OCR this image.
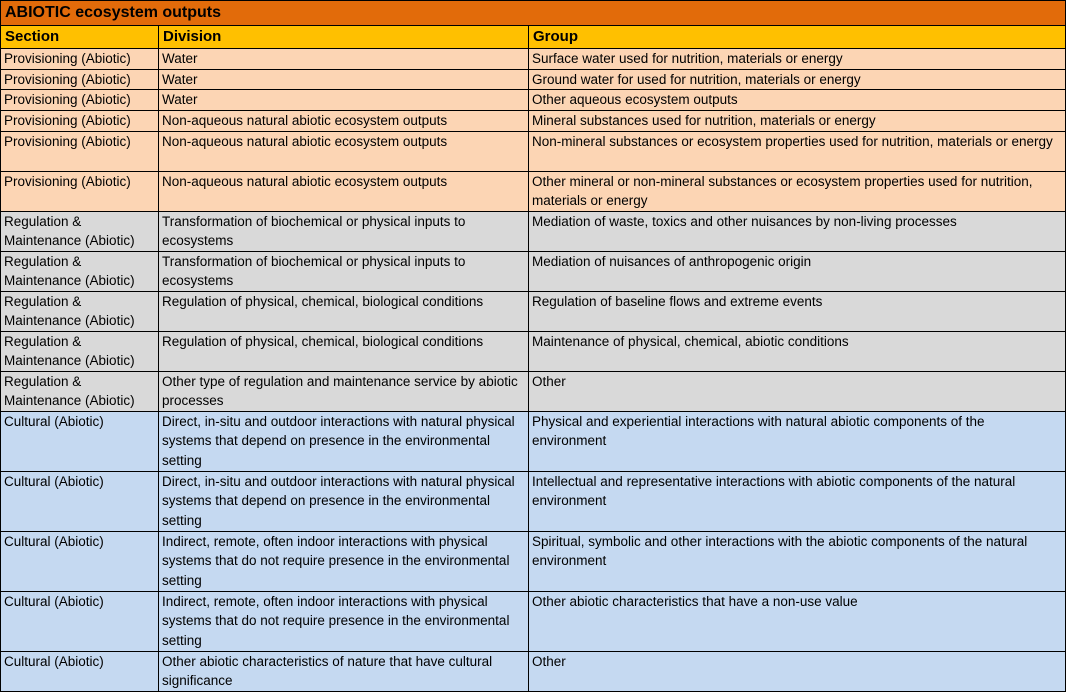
ABIOTIC ecosystem outputs		
Section	Division	Group
Provisioning (Abiotic)	Water	Surface water used for nutrition, materials or energy
Provisioning (Abiotic)	Water	Ground water for used for nutrition, materials or energy
Provisioning (Abiotic)	Water	Other aqueous ecosystem outputs
Provisioning (Abiotic)	Non-aqueous natural abiotic ecosystem outputs	Mineral substances used for nutrition, materials or energy
Provisioning (Abiotic)	Non-aqueous natural abiotic ecosystem outputs	Non-mineral substances or ecosystem properties used for nutrition, materials or energy
Provisioning (Abiotic)	Non-aqueous natural abiotic ecosystem outputs	Other mineral or non-mineral substances or ecosystem properties used for nutrition, materials or energy
Regulation & Maintenance (Abiotic)	Transformation of biochemical or physical inputs to ecosystems	Mediation of waste, toxics and other nuisances by non-living processes
Regulation & Maintenance (Abiotic)	Transformation of biochemical or physical inputs to ecosystems	Mediation of nuisances of anthropogenic origin
Regulation & Maintenance (Abiotic)	Regulation of physical, chemical, biological conditions	Regulation of baseline flows and extreme events
Regulation & Maintenance (Abiotic)	Regulation of physical, chemical, biological conditions	Maintenance of physical, chemical, abiotic conditions
Regulation & Maintenance (Abiotic)	Other type of regulation and maintenance service by abiotic processes	Other
Cultural (Abiotic)	Direct, in-situ and outdoor interactions with natural physical systems that depend on presence in the environmental setting	Physical and experiential interactions with natural abiotic components of the environment
Cultural (Abiotic)	Direct, in-situ and outdoor interactions with natural physical systems that depend on presence in the environmental setting	Intellectual and representative interactions with abiotic components of the natural environment
Cultural (Abiotic)	Indirect, remote, often indoor interactions with physical systems that do not require presence in the environmental setting	Spiritual, symbolic and other interactions with the abiotic components of the natural environment
Cultural (Abiotic)	Indirect, remote, often indoor interactions with physical systems that do not require presence in the environmental setting	Other abiotic characteristics that have a non-use value
Cultural (Abiotic)	Other abiotic characteristics of nature that have cultural significance	Other
